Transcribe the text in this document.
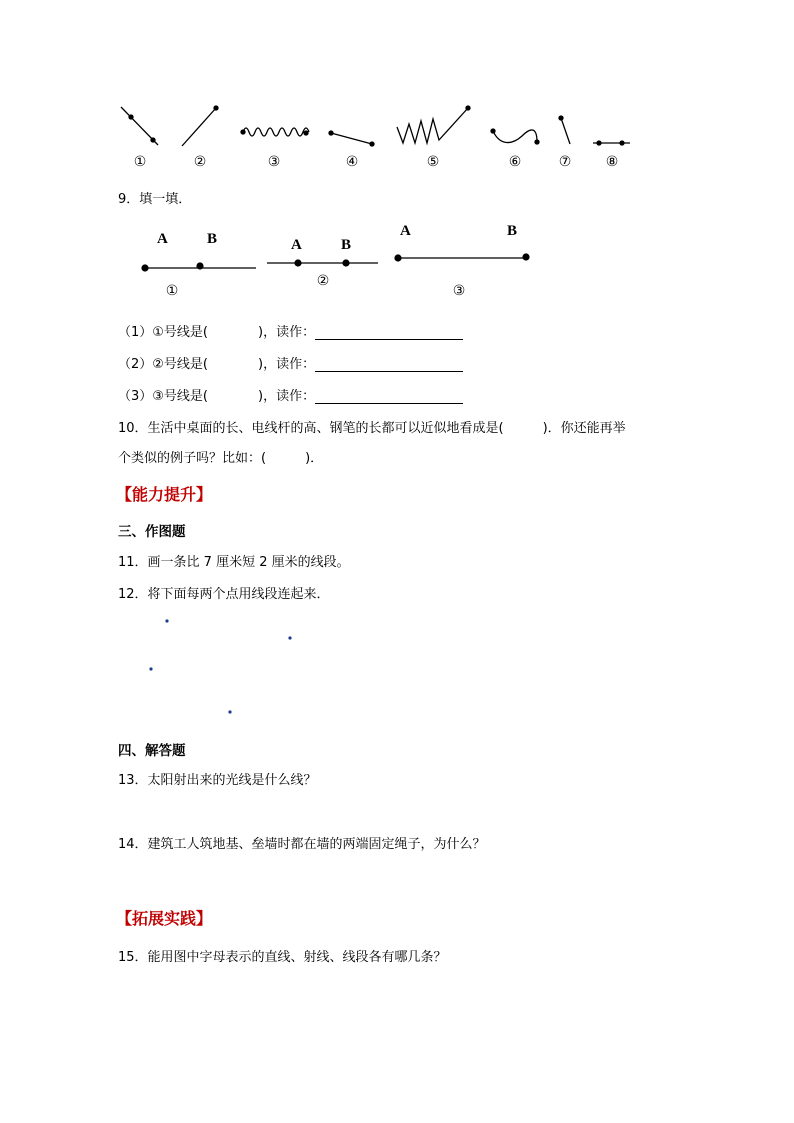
①	②	③	④	⑤	⑥	⑦	⑧
9．填一填．
A	B	A	B
A	B
①
②
③
（1）①号线是(	)，读作：
（2）②号线是(	)，读作：
（3）③号线是(	)，读作：
10．生活中桌面的长、电线杆的高、钢笔的长都可以近似地看成是(　　　)．你还能再举
个类似的例子吗？比如：(　　　)．
【能力提升】
三、作图题
11．画一条比 7 厘米短 2 厘米的线段。
12．将下面每两个点用线段连起来．
四、解答题
13．太阳射出来的光线是什么线？
14．建筑工人筑地基、垒墙时都在墙的两端固定绳子，为什么？
【拓展实践】
15．能用图中字母表示的直线、射线、线段各有哪几条？
